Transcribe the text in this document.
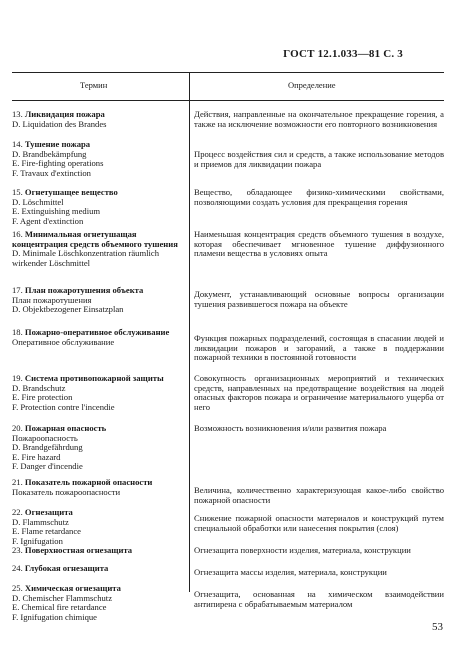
ГОСТ 12.1.033—81 С. 3
Термин	Определение
13. Ликвидация пожара
D. Liquidation des Brandes
14. Тушение пожара
D. Brandbekämpfung
E. Fire-fighting operations
F. Travaux d'extinction
15. Огнетушащее вещество
D. Löschmittel
E. Extinguishing medium
F. Agent d'extinction
16. Минимальная огнетушащая концентрация средств объемного тушения
D. Minimale Löschkonzentration räumlich wirkender Löschmittel
17. План пожаротушения объекта
План пожаротушения
D. Objektbezogener Einsatzplan
18. Пожарно-оперативное обслуживание
Оперативное обслуживание
19. Система противопожарной защиты
D. Brandschutz
E. Fire protection
F. Protection contre l'incendie
20. Пожарная опасность
Пожароопасность
D. Brandgefährdung
E. Fire hazard
F. Danger d'incendie
21. Показатель пожарной опасности
Показатель пожароопасности
22. Огнезащита
D. Flammschutz
E. Flame retardance
F. Ignifugation
23. Поверхностная огнезащита
24. Глубокая огнезащита
25. Химическая огнезащита
D. Chemischer Flammschutz
E. Chemical fire retardance
F. Ignifugation chimique
Действия, направленные на окончательное прекращение горения, а также на исключение возможности его повторного возникновения
Процесс воздействия сил и средств, а также использование методов и приемов для ликвидации пожара
Вещество, обладающее физико-химическими свойствами, позволяющими создать условия для прекращения горения
Наименьшая концентрация средств объемного тушения в воздухе, которая обеспечивает мгновенное тушение диффузионного пламени вещества в условиях опыта
Документ, устанавливающий основные вопросы организации тушения развившегося пожара на объекте
Функция пожарных подразделений, состоящая в спасании людей и ликвидации пожаров и загораний, а также в поддержании пожарной техники в постоянной готовности
Совокупность организационных мероприятий и технических средств, направленных на предотвращение воздействия на людей опасных факторов пожара и ограничение материального ущерба от него
Возможность возникновения и/или развития пожара
Величина, количественно характеризующая какое-либо свойство пожарной опасности
Снижение пожарной опасности материалов и конструкций путем специальной обработки или нанесения покрытия (слоя)
Огнезащита поверхности изделия, материала, конструкции
Огнезащита массы изделия, материала, конструкции
Огнезащита, основанная на химическом взаимодействии антипирена с обрабатываемым материалом
53
